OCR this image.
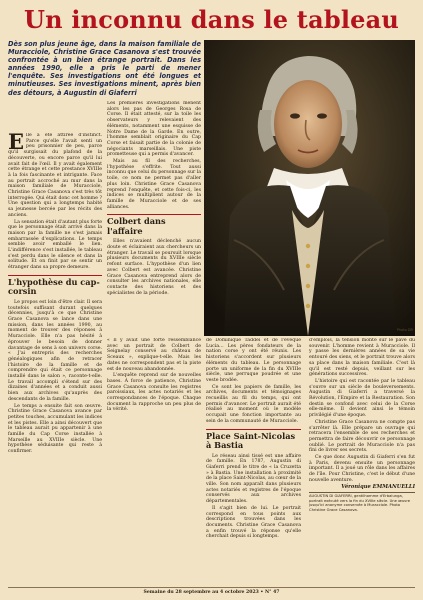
Un inconnu dans le tableau
Dès son plus jeune âge, dans la maison familiale de Muracciole, Christine Grace Casanova s'est trouvée confrontée à un bien étrange portrait. Dans les années 1990, elle a pris le parti de mener l'enquête. Ses investigations ont été longues et minutieuses. Ses investigations minent, après bien des détours, à Augustin di Giaferri
Photo DR

Elle a été attirée d'instinct. Parce qu'elle l'avait senti un peu prisonnier de peu, parce qu'il surgissait du plafond de la découverte, ou encore parce qu'il lui avait fait de l'œil. Il y avait également cette étrange et cette prestance XVIIIe à la fois fascinante et intrigante. Face au portrait accroché au mur dans la maison familiale de Muracciole, Christine Grace Casanova s'est très tôt interrogée. Qui était donc cet homme ? Une question qui a longtemps habité sa jeunesse bercée par les récits des anciens.

La sensation était d'autant plus forte que le personnage était arrivé dans la maison par la famille ne s'est jamais embarrassée d'explications. Le temps semble avoir emballé le lien. L'indifférence s'est installée, le tableau s'est perdu dans le silence et dans la solitude. Et on finit par se sentir un étranger dans sa propre demeure.

L'hypothèse du cap-corsin

Le propos est loin d'être clair. Il sera toutefois suffisant durant quelques décennies, jusqu'à ce que Christine Grace Casanova se lance dans une mission, dans les années 1990, au moment de trouver des réponses à Muracciole. Elle n'a pas hésité à éprouver le besoin de donner davantage de sens à son univers corse. « J'ai entrepris des recherches généalogiques afin de retracer l'histoire de la famille et de comprendre qui était ce personnage installé dans le salon », raconte-t-elle. Le travail accompli s'étend sur des dizaines d'années et a conduit aussi bien aux archives qu'auprès des descendants de la famille.

Le temps a ensuite fait son œuvre. Christine Grace Casanova avance par petites touches, accumulant les indices et les pistes. Elle a ainsi découvert que le tableau aurait pu appartenir à une famille du Cap Corse installée à Marseille au XVIIIe siècle. Une hypothèse séduisante qui reste à confirmer.

Les premières investigations mènent alors les pas de Georges Rosa de Corse. Il était attesté, sur la toile les observateurs y relevaient des éléments, notamment une esquisse de Notre Dame de la Garde. En outre, l'homme semblait originaire du Cap Corse et faisait partie de la colonie de négociants marseillais. Une piste prometteuse qui a permis d'avancer.

Mais au fil des recherches, l'hypothèse s'effrite. Tout aussi inconnu que celui du personnage sur la toile, ce nom ne permet pas d'aller plus loin. Christine Grace Casanova reprend l'enquête, et cette fois-ci, les indices se multiplient autour de la famille de Muracciole et de ses alliances.

Colbert dans l'affaire

Elles n'avaient déclenché aucun doute et éclairaient aux chercheurs un étranger. Le travail se poursuit lorsque plusieurs documents du XVIIIe siècle refont surface. L'hypothèse d'un lien avec Colbert est avancée. Christine Grace Casanova entreprend alors de consulter les archives nationales, elle contacte des historiens et des spécialistes de la période.

« Il y avait une forte ressemblance avec un portrait de Colbert de Seignelay conservé au château de Sceaux », explique-t-elle. Mais les dates ne correspondent pas et la piste est de nouveau abandonnée.

L'enquête reprend sur de nouvelles bases. À force de patience, Christine Grace Casanova consulte les registres paroissiaux, les actes notariés et les correspondances de l'époque. Chaque document la rapproche un peu plus de la vérité.

de Dominique Taddei et de l'évêque Lucia… Les pères fondateurs de la nation corse y ont été réunis. Les historiens s'accordent sur plusieurs éléments du tableau. Le personnage porte un uniforme de la fin du XVIIIe siècle, une perruque poudrée et une veste brodée.

Ce sont les papiers de famille, les archives, documents et témoignages recueillis au fil du temps, qui ont permis d'avancer. Le portrait aurait été réalisé au moment où le modèle occupait une fonction importante au sein de la communauté de Muracciole.

Place Saint-Nicolas à Bastia

Le réseau ainsi tissé est une affaire de famille. En 1787, Augustin di Giaferri prend le titre de « la Cruzetta » à Bastia. Une installation à proximité de la place Saint-Nicolas, au cœur de la ville. Son nom apparaît dans plusieurs actes notariés et registres de l'époque conservés aux archives départementales.

Il s'agit bien de lui. Le portrait correspond en tous points aux descriptions trouvées dans les documents. Christine Grace Casanova a enfin trouvé la réponse qu'elle cherchait depuis si longtemps.

d'emplois, la tension monte sur le pavé du souvenir. L'homme revient à Muracciole. Il y passe les dernières années de sa vie entouré des siens, et le portrait trouve alors sa place dans la maison familiale. C'est là qu'il est resté depuis, veillant sur les générations successives.

L'histoire qui est racontée par le tableau s'ouvre sur un siècle de bouleversements. Augustin di Giaferri a traversé la Révolution, l'Empire et la Restauration. Son destin se confond avec celui de la Corse elle-même. Il devient ainsi le témoin privilégié d'une époque.

Christine Grace Casanova ne compte pas s'arrêter là. Elle prépare un ouvrage qui retracera l'ensemble de ses recherches et permettra de faire découvrir ce personnage oublié. Le portrait de Muracciole n'a pas fini de livrer ses secrets.

Ce que donc Augustin di Giaferri s'en fut à Paris, devenu ensuite un personnage important. Il a joué un rôle dans les affaires de l'île. Pour Christine, c'est le début d'une nouvelle aventure.

Véronique EMMANUELLI
AUGUSTIN DI GIAFERRI, gentilhomme d'Erbalunga, portrait exécuté vers la fin du XVIIIe siècle. Une œuvre jusqu'ici anonyme conservée à Muracciole. Photo Christine Grace Casanova.
Semaine du 28 septembre au 4 octobre 2023 • N° 47
